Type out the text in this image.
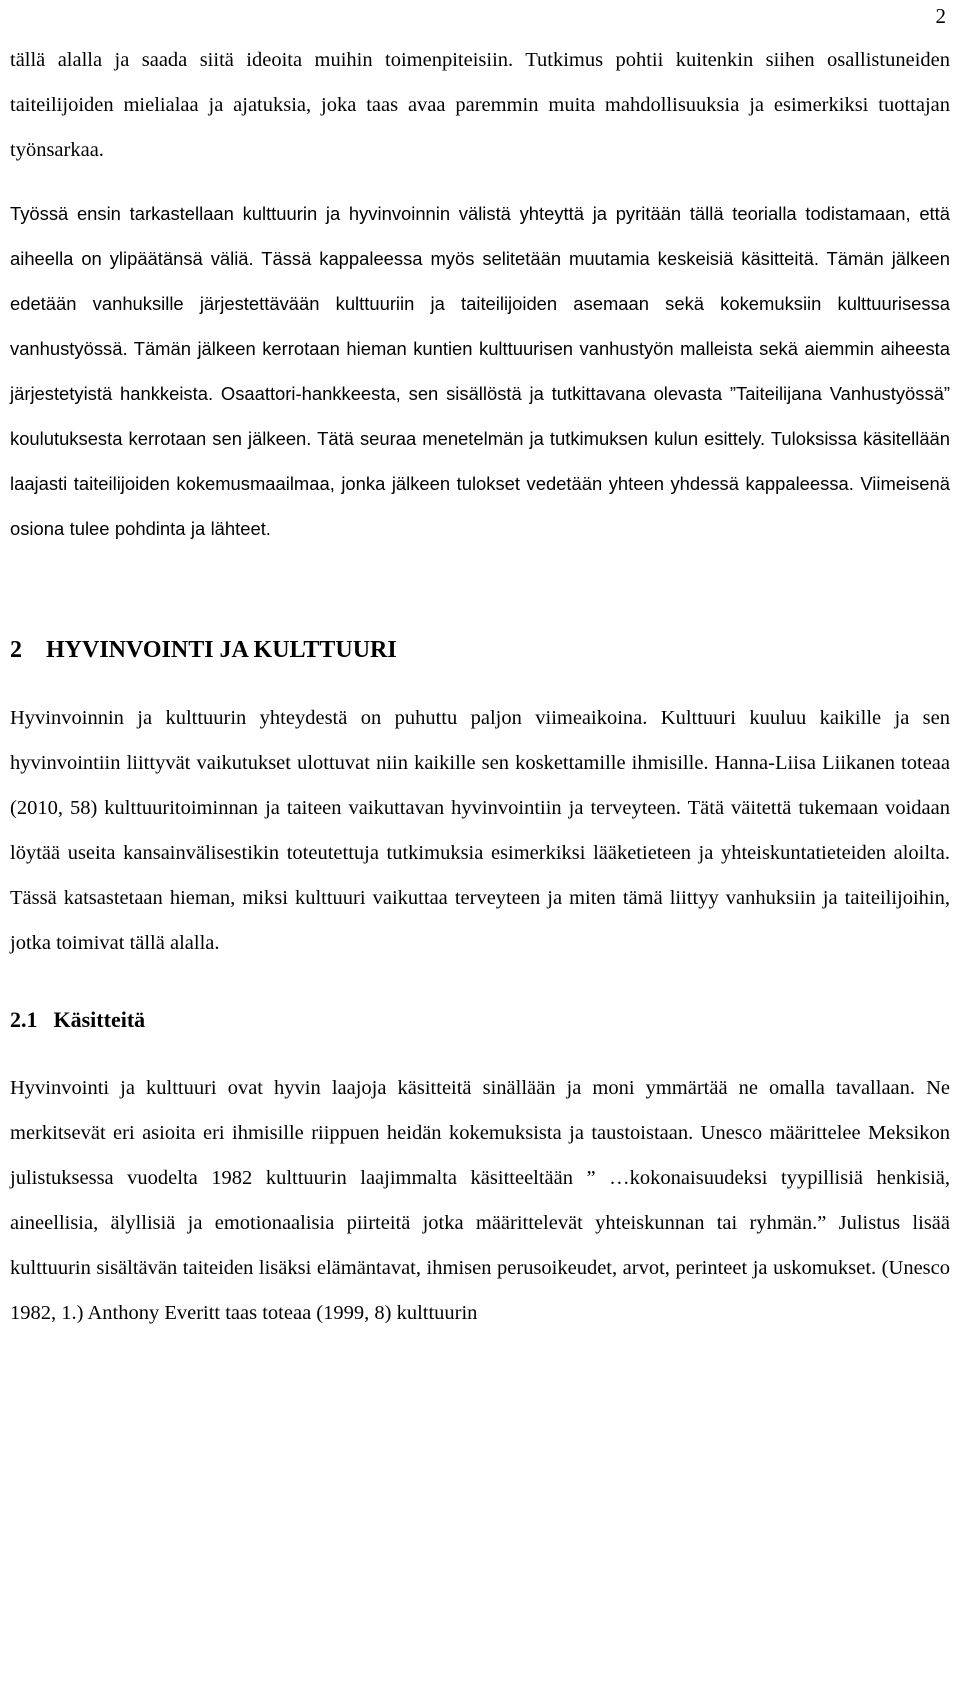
2

tällä alalla ja saada siitä ideoita muihin toimenpiteisiin. Tutkimus pohtii kuitenkin siihen osallistuneiden taiteilijoiden mielialaa ja ajatuksia, joka taas avaa paremmin muita mahdollisuuksia ja esimerkiksi tuottajan työnsarkaa.

Työssä ensin tarkastellaan kulttuurin ja hyvinvoinnin välistä yhteyttä ja pyritään tällä teorialla todistamaan, että aiheella on ylipäätänsä väliä. Tässä kappaleessa myös selitetään muutamia keskeisiä käsitteitä. Tämän jälkeen edetään vanhuksille järjestettävään kulttuuriin ja taiteilijoiden asemaan sekä kokemuksiin kulttuurisessa vanhustyössä. Tämän jälkeen kerrotaan hieman kuntien kulttuurisen vanhustyön malleista sekä aiemmin aiheesta järjestetyistä hankkeista. Osaattori-hankkeesta, sen sisällöstä ja tutkittavana olevasta ”Taiteilijana Vanhustyössä” koulutuksesta kerrotaan sen jälkeen. Tätä seuraa menetelmän ja tutkimuksen kulun esittely. Tuloksissa käsitellään laajasti taiteilijoiden kokemusmaailmaa, jonka jälkeen tulokset vedetään yhteen yhdessä kappaleessa. Viimeisenä osiona tulee pohdinta ja lähteet.

2 HYVINVOINTI JA KULTTUURI

Hyvinvoinnin ja kulttuurin yhteydestä on puhuttu paljon viimeaikoina. Kulttuuri kuuluu kaikille ja sen hyvinvointiin liittyvät vaikutukset ulottuvat niin kaikille sen koskettamille ihmisille. Hanna-Liisa Liikanen toteaa (2010, 58) kulttuuritoiminnan ja taiteen vaikuttavan hyvinvointiin ja terveyteen. Tätä väitettä tukemaan voidaan löytää useita kansainvälisestikin toteutettuja tutkimuksia esimerkiksi lääketieteen ja yhteiskuntatieteiden aloilta. Tässä katsastetaan hieman, miksi kulttuuri vaikuttaa terveyteen ja miten tämä liittyy vanhuksiin ja taiteilijoihin, jotka toimivat tällä alalla.

2.1 Käsitteitä

Hyvinvointi ja kulttuuri ovat hyvin laajoja käsitteitä sinällään ja moni ymmärtää ne omalla tavallaan. Ne merkitsevät eri asioita eri ihmisille riippuen heidän kokemuksista ja taustoistaan. Unesco määrittelee Meksikon julistuksessa vuodelta 1982 kulttuurin laajimmalta käsitteeltään ” …kokonaisuudeksi tyypillisiä henkisiä, aineellisia, älyllisiä ja emotionaalisia piirteitä jotka määrittelevät yhteiskunnan tai ryhmän.” Julistus lisää kulttuurin sisältävän taiteiden lisäksi elämäntavat, ihmisen perusoikeudet, arvot, perinteet ja uskomukset. (Unesco 1982, 1.) Anthony Everitt taas toteaa (1999, 8) kulttuurin
